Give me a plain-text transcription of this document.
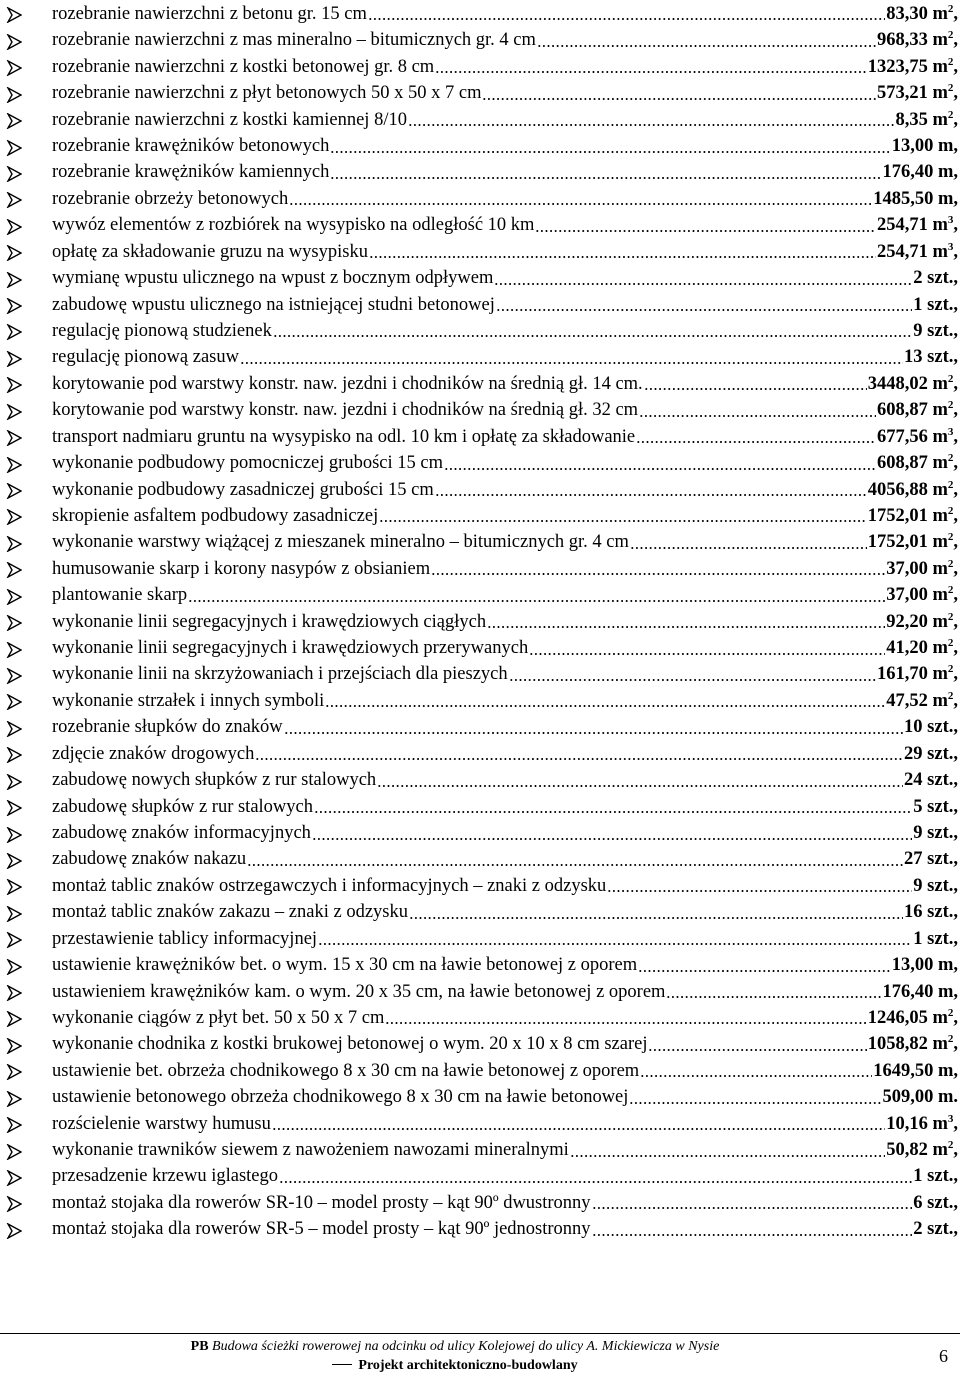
rozebranie nawierzchni z betonu gr. 15 cm	83,30 $m^2$,
rozebranie nawierzchni z mas mineralno – bitumicznych gr. 4 cm	968,33 $m^2$,
rozebranie nawierzchni z kostki betonowej gr. 8 cm	1323,75 $m^2$,
rozebranie nawierzchni z płyt betonowych 50 x 50 x 7 cm	573,21 $m^2$,
rozebranie nawierzchni z kostki kamiennej 8/10	8,35 $m^2$,
rozebranie krawężników betonowych	13,00 m,
rozebranie krawężników kamiennych	176,40 m,
rozebranie obrzeży betonowych	1485,50 m,
wywóz elementów z rozbiórek na wysypisko na odległość 10 km	254,71 $m^3$,
opłatę za składowanie gruzu na wysypisku	254,71 $m^3$,
wymianę wpustu ulicznego na wpust z bocznym odpływem	2 szt.,
zabudowę wpustu ulicznego na istniejącej studni betonowej	1 szt.,
regulację pionową studzienek	9 szt.,
regulację pionową zasuw	13 szt.,
korytowanie pod warstwy konstr. naw. jezdni i chodników na średnią gł. 14 cm.	3448,02 $m^2$,
korytowanie pod warstwy konstr. naw. jezdni i chodników na średnią gł. 32 cm	608,87 $m^2$,
transport nadmiaru gruntu na wysypisko na odl. 10 km i opłatę za składowanie	677,56 $m^3$,
wykonanie podbudowy pomocniczej grubości 15 cm	608,87 $m^2$,
wykonanie podbudowy zasadniczej grubości 15 cm	4056,88 $m^2$,
skropienie asfaltem podbudowy zasadniczej	1752,01 $m^2$,
wykonanie warstwy wiążącej z mieszanek mineralno – bitumicznych gr. 4 cm	1752,01 $m^2$,
humusowanie skarp i korony nasypów z obsianiem	37,00 $m^2$,
plantowanie skarp	37,00 $m^2$,
wykonanie linii segregacyjnych i krawędziowych ciągłych	92,20 $m^2$,
wykonanie linii segregacyjnych i krawędziowych przerywanych	41,20 $m^2$,
wykonanie linii na skrzyżowaniach i przejściach dla pieszych	161,70 $m^2$,
wykonanie strzałek i innych symboli	47,52 $m^2$,
rozebranie słupków do znaków	10 szt.,
zdjęcie znaków drogowych	29 szt.,
zabudowę nowych słupków z rur stalowych	24 szt.,
zabudowę słupków z rur stalowych	5 szt.,
zabudowę znaków informacyjnych	9 szt.,
zabudowę znaków nakazu	27 szt.,
montaż tablic znaków ostrzegawczych i informacyjnych – znaki z odzysku	9 szt.,
montaż tablic znaków zakazu – znaki z odzysku	16 szt.,
przestawienie tablicy informacyjnej	1 szt.,
ustawienie krawężników bet. o wym. 15 x 30 cm na ławie betonowej z oporem	13,00 m,
ustawieniem krawężników kam. o wym. 20 x 35 cm, na ławie betonowej z oporem	176,40 m,
wykonanie ciągów z płyt bet. 50 x 50 x 7 cm	1246,05 $m^2$,
wykonanie chodnika z kostki brukowej betonowej o wym. 20 x 10 x 8 cm szarej	1058,82 $m^2$,
ustawienie bet. obrzeża chodnikowego 8 x 30 cm na ławie betonowej z oporem	1649,50 m,
ustawienie betonowego obrzeża chodnikowego 8 x 30 cm na ławie betonowej	509,00 m.
rozścielenie warstwy humusu	10,16 $m^3$,
wykonanie trawników siewem z nawożeniem nawozami mineralnymi	50,82 $m^2$,
przesadzenie krzewu iglastego	1 szt.,
montaż stojaka dla rowerów SR-10 – model prosty – kąt 90º dwustronny	6 szt.,
montaż stojaka dla rowerów SR-5 – model prosty – kąt 90º jednostronny	2 szt.,
PB Budowa ścieżki rowerowej na odcinku od ulicy Kolejowej do ulicy A. Mickiewicza w Nysie
Projekt architektoniczno-budowlany	6
